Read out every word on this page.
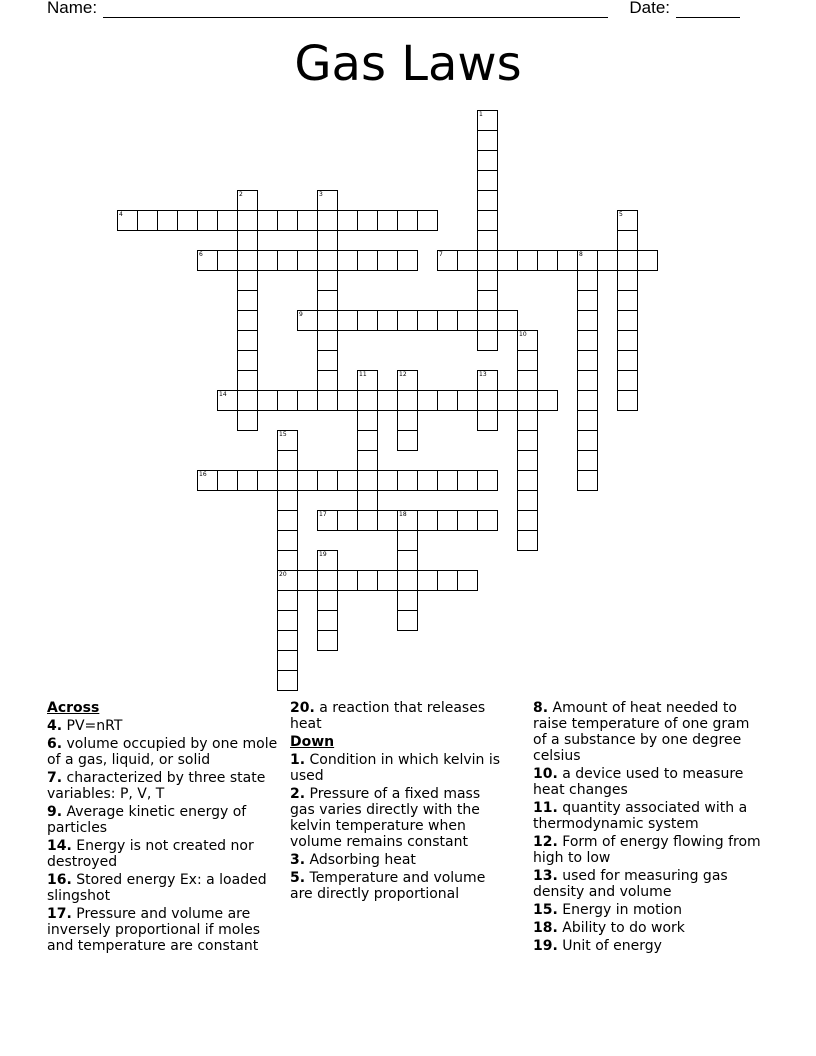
Name:	Date:
Gas Laws
1
2	3
4	5
6	7	8
9
10
11	12	13
14
15
20
16
17	18
19
Across
4. PV=nRT
6. volume occupied by one mole of a gas, liquid, or solid
7. characterized by three state variables: P, V, T
9. Average kinetic energy of particles
14. Energy is not created nor destroyed
16. Stored energy Ex: a loaded slingshot
17. Pressure and volume are inversely proportional if moles and temperature are constant
20. a reaction that releases heat
Down
1. Condition in which kelvin is used
2. Pressure of a fixed mass gas varies directly with the kelvin temperature when volume remains constant
3. Adsorbing heat
5. Temperature and volume are directly proportional
8. Amount of heat needed to raise temperature of one gram of a substance by one degree celsius
10. a device used to measure heat changes
11. quantity associated with a thermodynamic system
12. Form of energy flowing from high to low
13. used for measuring gas density and volume
15. Energy in motion
18. Ability to do work
19. Unit of energy
